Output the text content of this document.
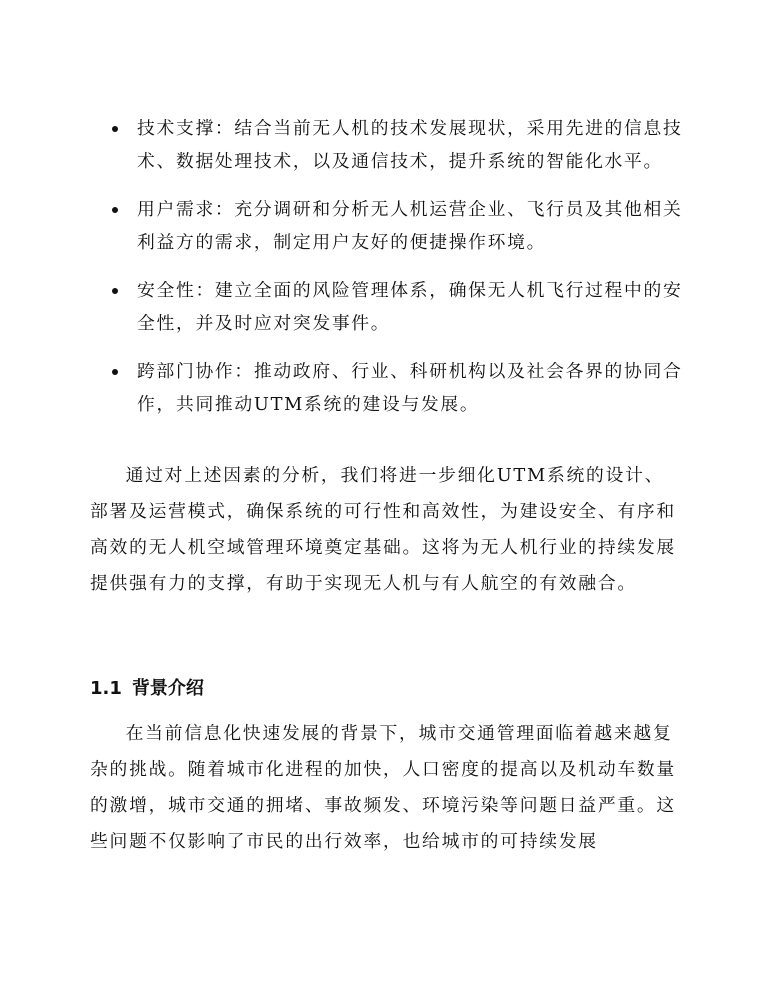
技术支撑：结合当前无人机的技术发展现状，采用先进的信息技术、数据处理技术，以及通信技术，提升系统的智能化水平。
用户需求：充分调研和分析无人机运营企业、飞行员及其他相关利益方的需求，制定用户友好的便捷操作环境。
安全性：建立全面的风险管理体系，确保无人机飞行过程中的安全性，并及时应对突发事件。
跨部门协作：推动政府、行业、科研机构以及社会各界的协同合作，共同推动UTM系统的建设与发展。

通过对上述因素的分析，我们将进一步细化UTM系统的设计、部署及运营模式，确保系统的可行性和高效性，为建设安全、有序和高效的无人机空域管理环境奠定基础。这将为无人机行业的持续发展提供强有力的支撑，有助于实现无人机与有人航空的有效融合。

1.1 背景介绍

在当前信息化快速发展的背景下，城市交通管理面临着越来越复杂的挑战。随着城市化进程的加快，人口密度的提高以及机动车数量的激增，城市交通的拥堵、事故频发、环境污染等问题日益严重。这些问题不仅影响了市民的出行效率，也给城市的可持续发展
